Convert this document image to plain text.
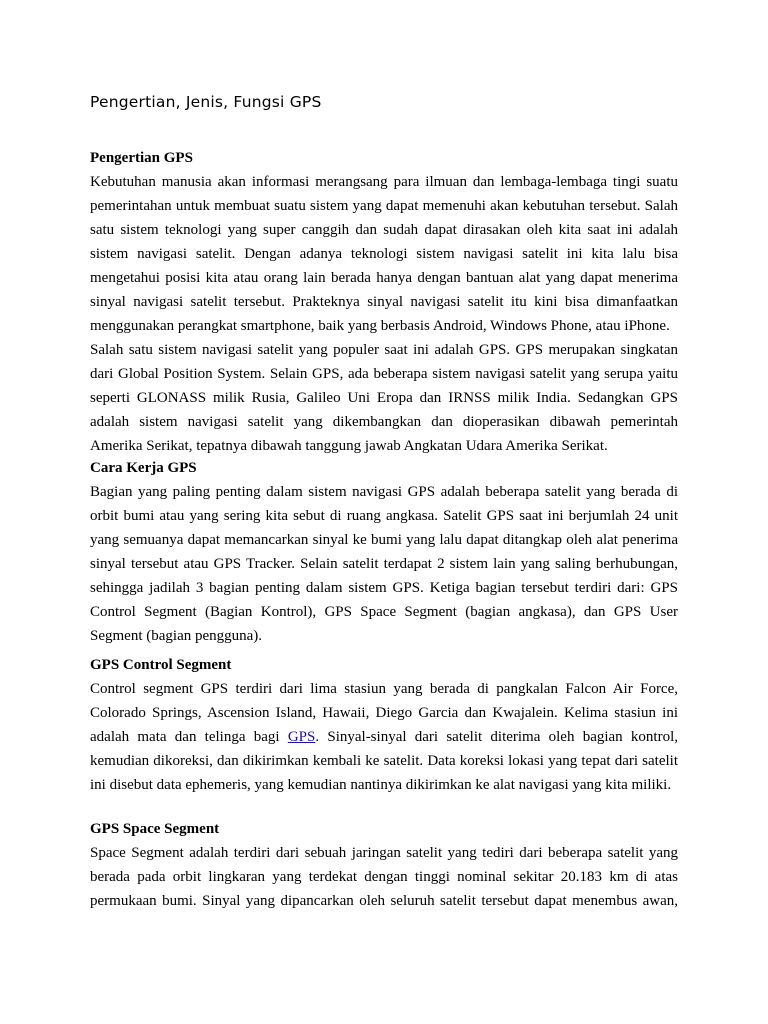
Pengertian, Jenis, Fungsi GPS
Pengertian GPS

Kebutuhan manusia akan informasi merangsang para ilmuan dan lembaga-lembaga tingi suatu
pemerintahan untuk membuat suatu sistem yang dapat memenuhi akan kebutuhan tersebut. Salah
satu sistem teknologi yang super canggih dan sudah dapat dirasakan oleh kita saat ini adalah
sistem navigasi satelit. Dengan adanya teknologi sistem navigasi satelit ini kita lalu bisa
mengetahui posisi kita atau orang lain berada hanya dengan bantuan alat yang dapat menerima
sinyal navigasi satelit tersebut. Prakteknya sinyal navigasi satelit itu kini bisa dimanfaatkan
menggunakan perangkat smartphone, baik yang berbasis Android, Windows Phone, atau iPhone.
Salah satu sistem navigasi satelit yang populer saat ini adalah GPS. GPS merupakan singkatan
dari Global Position System. Selain GPS, ada beberapa sistem navigasi satelit yang serupa yaitu
seperti GLONASS milik Rusia, Galileo Uni Eropa dan IRNSS milik India. Sedangkan GPS
adalah sistem navigasi satelit yang dikembangkan dan dioperasikan dibawah pemerintah
Amerika Serikat, tepatnya dibawah tanggung jawab Angkatan Udara Amerika Serikat.

Cara Kerja GPS

Bagian yang paling penting dalam sistem navigasi GPS adalah beberapa satelit yang berada di
orbit bumi atau yang sering kita sebut di ruang angkasa. Satelit GPS saat ini berjumlah 24 unit
yang semuanya dapat memancarkan sinyal ke bumi yang lalu dapat ditangkap oleh alat penerima
sinyal tersebut atau GPS Tracker. Selain satelit terdapat 2 sistem lain yang saling berhubungan,
sehingga jadilah 3 bagian penting dalam sistem GPS. Ketiga bagian tersebut terdiri dari: GPS
Control Segment (Bagian Kontrol), GPS Space Segment (bagian angkasa), dan GPS User
Segment (bagian pengguna).

GPS Control Segment

Control segment GPS terdiri dari lima stasiun yang berada di pangkalan Falcon Air Force,
Colorado Springs, Ascension Island, Hawaii, Diego Garcia dan Kwajalein. Kelima stasiun ini
adalah mata dan telinga bagi GPS. Sinyal-sinyal dari satelit diterima oleh bagian kontrol,
kemudian dikoreksi, dan dikirimkan kembali ke satelit. Data koreksi lokasi yang tepat dari satelit
ini disebut data ephemeris, yang kemudian nantinya dikirimkan ke alat navigasi yang kita miliki.

GPS Space Segment

Space Segment adalah terdiri dari sebuah jaringan satelit yang tediri dari beberapa satelit yang
berada pada orbit lingkaran yang terdekat dengan tinggi nominal sekitar 20.183 km di atas
permukaan bumi. Sinyal yang dipancarkan oleh seluruh satelit tersebut dapat menembus awan,
